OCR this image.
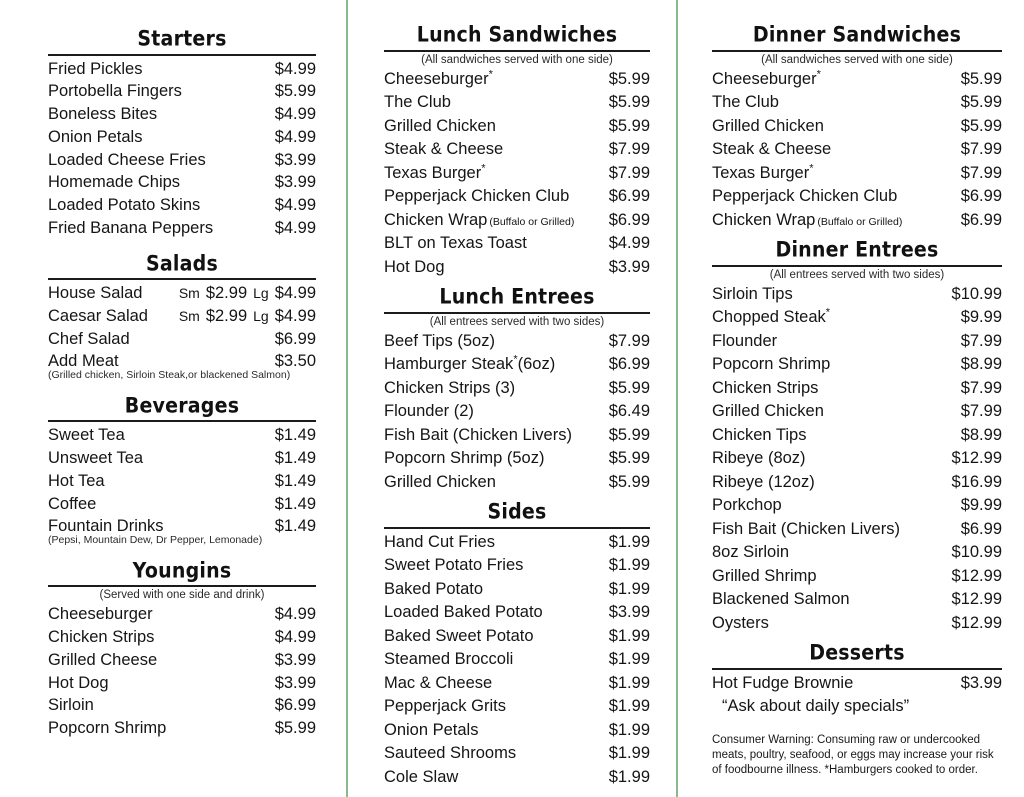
Starters
Fried Pickles	$4.99
Portobella Fingers	$5.99
Boneless Bites	$4.99
Onion Petals	$4.99
Loaded Cheese Fries	$3.99
Homemade Chips	$3.99
Loaded Potato Skins	$4.99
Fried Banana Peppers	$4.99
Salads
House Salad	Sm $2.99 Lg $4.99
Caesar Salad Sm $2.99 Lg $4.99
Chef Salad	$6.99
Add Meat	$3.50
(Grilled chicken, Sirloin Steak,or blackened Salmon)
Beverages
Sweet Tea	$1.49
Unsweet Tea	$1.49
Hot Tea	$1.49
Coffee	$1.49
Fountain Drinks	$1.49
(Pepsi, Mountain Dew, Dr Pepper, Lemonade)
Youngins
(Served with one side and drink)
Cheeseburger	$4.99
Chicken Strips	$4.99
Grilled Cheese	$3.99
Hot Dog	$3.99
Sirloin	$6.99
Popcorn Shrimp	$5.99
Lunch Sandwiches
(All sandwiches served with one side)
Cheeseburger*	$5.99
The Club	$5.99
Grilled Chicken	$5.99
Steak & Cheese	$7.99
Texas Burger*	$7.99
Pepperjack Chicken Club	$6.99
Chicken Wrap (Buffalo or Grilled)	$6.99
BLT on Texas Toast	$4.99
Hot Dog	$3.99
Lunch Entrees
(All entrees served with two sides)
Beef Tips (5oz)	$7.99
Hamburger Steak*(6oz)	$6.99
Chicken Strips (3)	$5.99
Flounder (2)	$6.49
Fish Bait (Chicken Livers)	$5.99
Popcorn Shrimp (5oz)	$5.99
Grilled Chicken	$5.99
Sides
Hand Cut Fries	$1.99
Sweet Potato Fries	$1.99
Baked Potato	$1.99
Loaded Baked Potato	$3.99
Baked Sweet Potato	$1.99
Steamed Broccoli	$1.99
Mac & Cheese	$1.99
Pepperjack Grits	$1.99
Onion Petals	$1.99
Sauteed Shrooms	$1.99
Cole Slaw	$1.99
Dinner Sandwiches
(All sandwiches served with one side)
Cheeseburger*	$5.99
The Club	$5.99
Grilled Chicken	$5.99
Steak & Cheese	$7.99
Texas Burger*	$7.99
Pepperjack Chicken Club	$6.99
Chicken Wrap (Buffalo or Grilled)	$6.99
Dinner Entrees
(All entrees served with two sides)
Sirloin Tips	$10.99
Chopped Steak*	$9.99
Flounder	$7.99
Popcorn Shrimp	$8.99
Chicken Strips	$7.99
Grilled Chicken	$7.99
Chicken Tips	$8.99
Ribeye (8oz)	$12.99
Ribeye (12oz)	$16.99
Porkchop	$9.99
Fish Bait (Chicken Livers)	$6.99
8oz Sirloin	$10.99
Grilled Shrimp	$12.99
Blackened Salmon	$12.99
Oysters	$12.99
Desserts
Hot Fudge Brownie	$3.99
“Ask about daily specials”
Consumer Warning: Consuming raw or undercooked meats, poultry, seafood, or eggs may increase your risk of foodbourne illness. *Hamburgers cooked to order.
